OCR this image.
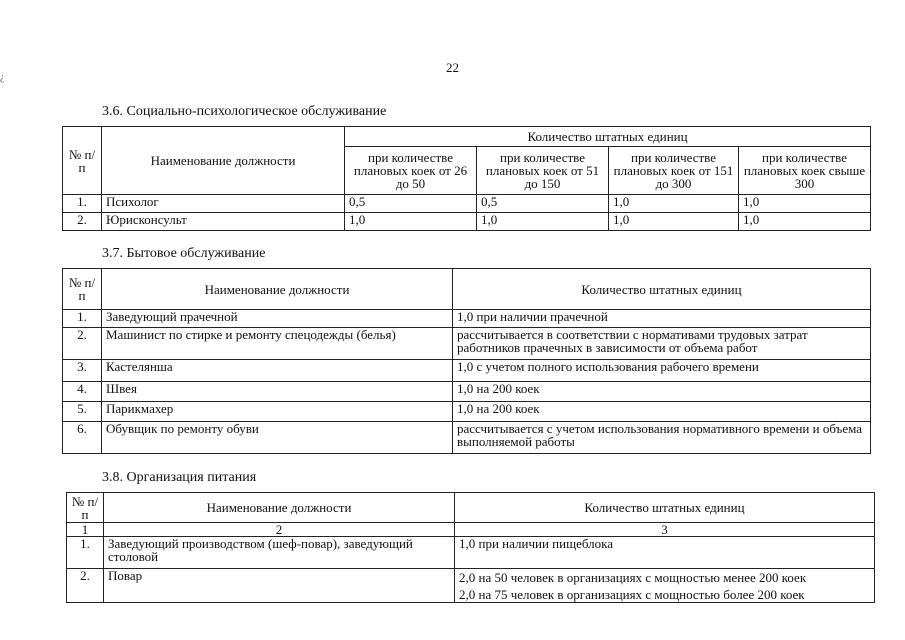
¿
22
3.6. Социально-психологическое обслуживание
№ п/п	Наименование должности	Количество штатных единиц			
		при количестве плановых коек от 26 до 50	при количестве плановых коек от 51 до 150	при количестве плановых коек от 151 до 300	при количестве плановых коек свыше 300
1.	Психолог	0,5	0,5	1,0	1,0
2.	Юрисконсульт	1,0	1,0	1,0	1,0
3.7. Бытовое обслуживание
№ п/п	Наименование должности	Количество штатных единиц
1.	Заведующий прачечной	1,0 при наличии прачечной
2.	Машинист по стирке и ремонту спецодежды (белья)	рассчитывается в соответствии с нормативами трудовых затрат работников прачечных в зависимости от объема работ
3.	Кастелянша	1,0 с учетом полного использования рабочего времени
4.	Швея	1,0 на 200 коек
5.	Парикмахер	1,0 на 200 коек
6.	Обувщик по ремонту обуви	рассчитывается с учетом использования нормативного времени и объема выполняемой работы
3.8. Организация питания
№ п/п	Наименование должности	Количество штатных единиц
1	2	3
1.	Заведующий производством (шеф-повар), заведующий столовой	1,0 при наличии пищеблока

2.	Повар	2,0 на 50 человек в организациях с мощностью менее 200 коек
2,0 на 75 человек в организациях с мощностью более 200 коек
